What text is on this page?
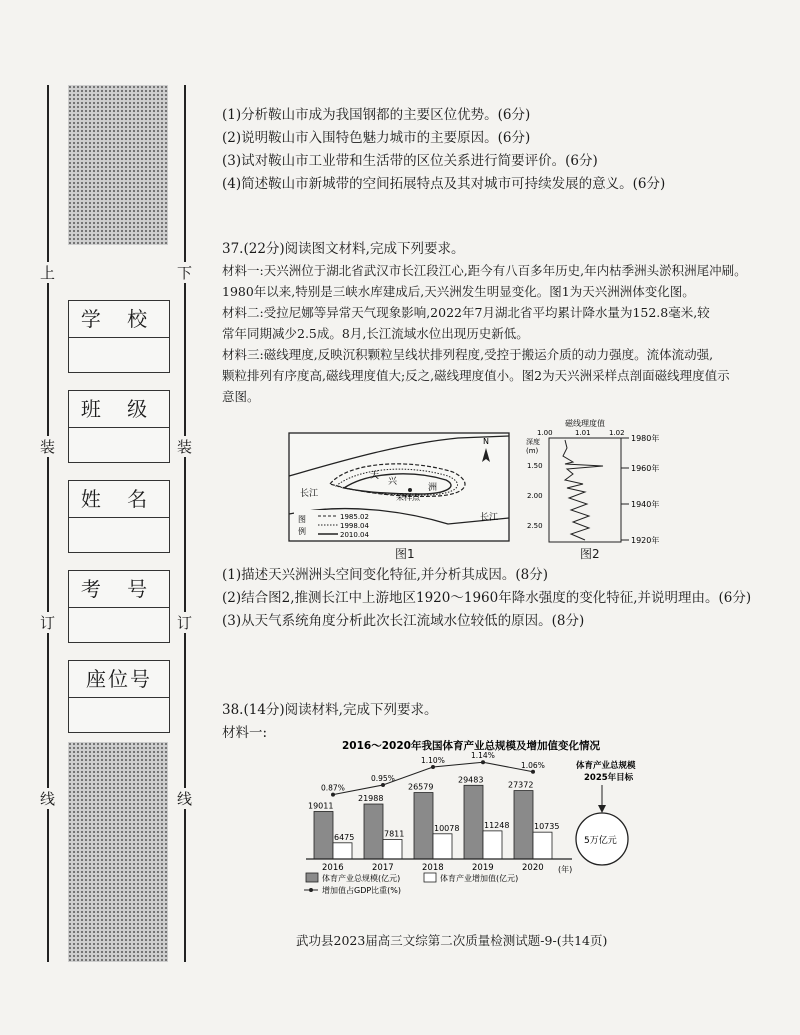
上	下
装	装
订	订
线	线
学 校
班 级
姓 名
考 号
座位号
(1)分析鞍山市成为我国钢都的主要区位优势。(6分)
(2)说明鞍山市入围特色魅力城市的主要原因。(6分)
(3)试对鞍山市工业带和生活带的区位关系进行简要评价。(6分)
(4)简述鞍山市新城带的空间拓展特点及其对城市可持续发展的意义。(6分)
37.(22分)阅读图文材料,完成下列要求。
材料一:天兴洲位于湖北省武汉市长江段江心,距今有八百多年历史,年内枯季洲头淤积洲尾冲刷。
1980年以来,特别是三峡水库建成后,天兴洲发生明显变化。图1为天兴洲洲体变化图。
材料二:受拉尼娜等异常天气现象影响,2022年7月湖北省平均累计降水量为152.8毫米,较
常年同期减少2.5成。8月,长江流域水位出现历史新低。
材料三:磁线理度,反映沉积颗粒呈线状排列程度,受控于搬运介质的动力强度。流体流动强,
颗粒排列有序度高,磁线理度值大;反之,磁线理度值小。图2为天兴洲采样点剖面磁线理度值示
意图。
N
长江
长江
天
兴
洲
采样点
图
例
1985.02
1998.04
2010.04
图1
磁线理度值
1.00	1.01	1.02
深度
(m)
1.50
2.00
2.50
1980年
1960年
1940年
1920年
图2
(1)描述天兴洲洲头空间变化特征,并分析其成因。(8分)
(2)结合图2,推测长江中上游地区1920～1960年降水强度的变化特征,并说明理由。(6分)
(3)从天气系统角度分析此次长江流域水位较低的原因。(8分)
38.(14分)阅读材料,完成下列要求。
材料一:
2016～2020年我国体育产业总规模及增加值变化情况
19011
6475
2016
0.87%
21988
7811
2017
0.95%
26579
10078
2018
1.10%
29483
11248
2019
1.14%
27372
10735
2020
1.06%
(年)
体育产业总规模
2025年目标
5万亿元
体育产业总规模(亿元)	体育产业增加值(亿元)
增加值占GDP比重(%)
武功县2023届高三文综第二次质量检测试题-9-(共14页)
